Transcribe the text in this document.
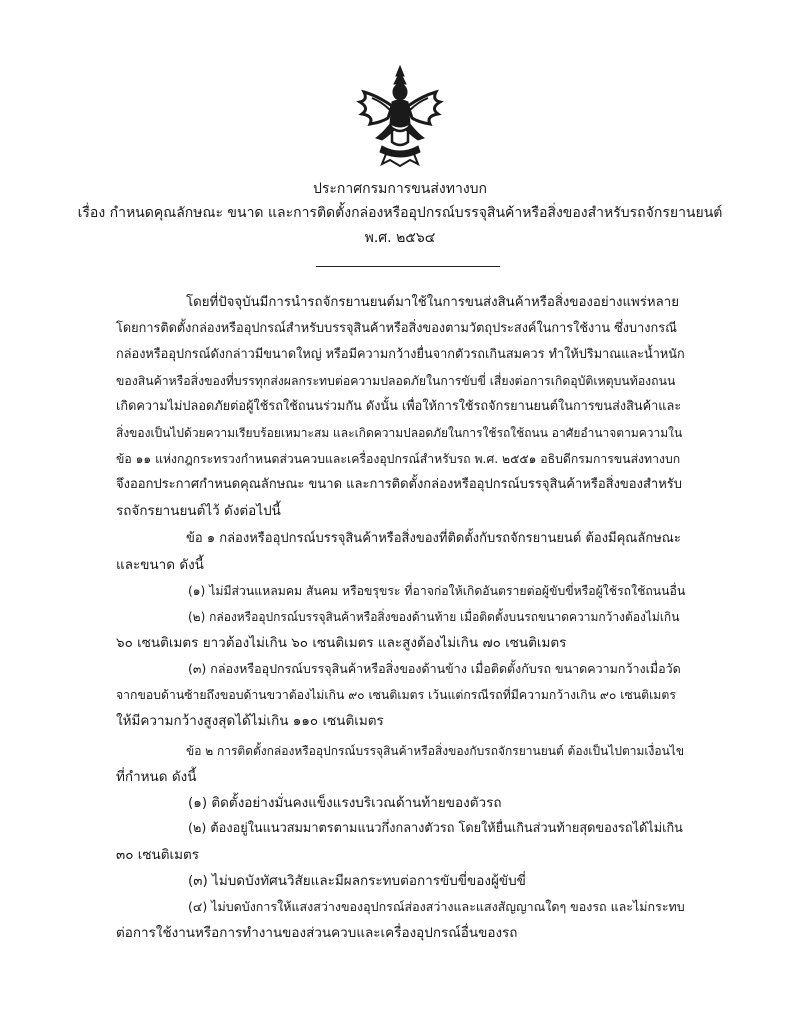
ประกาศกรมการขนส่งทางบก
เรื่อง กำหนดคุณลักษณะ ขนาด และการติดตั้งกล่องหรืออุปกรณ์บรรจุสินค้าหรือสิ่งของสำหรับรถจักรยานยนต์
พ.ศ. ๒๕๖๔
โดยที่ปัจจุบันมีการนำรถจักรยานยนต์มาใช้ในการขนส่งสินค้าหรือสิ่งของอย่างแพร่หลาย
โดยการติดตั้งกล่องหรืออุปกรณ์สำหรับบรรจุสินค้าหรือสิ่งของตามวัตถุประสงค์ในการใช้งาน ซึ่งบางกรณี
กล่องหรืออุปกรณ์ดังกล่าวมีขนาดใหญ่ หรือมีความกว้างยื่นจากตัวรถเกินสมควร ทำให้ปริมาณและน้ำหนัก
ของสินค้าหรือสิ่งของที่บรรทุกส่งผลกระทบต่อความปลอดภัยในการขับขี่ เสี่ยงต่อการเกิดอุบัติเหตุบนท้องถนน
เกิดความไม่ปลอดภัยต่อผู้ใช้รถใช้ถนนร่วมกัน ดังนั้น เพื่อให้การใช้รถจักรยานยนต์ในการขนส่งสินค้าและ
สิ่งของเป็นไปด้วยความเรียบร้อยเหมาะสม และเกิดความปลอดภัยในการใช้รถใช้ถนน อาศัยอำนาจตามความใน
ข้อ ๑๑ แห่งกฎกระทรวงกำหนดส่วนควบและเครื่องอุปกรณ์สำหรับรถ พ.ศ. ๒๕๕๑ อธิบดีกรมการขนส่งทางบก
จึงออกประกาศกำหนดคุณลักษณะ ขนาด และการติดตั้งกล่องหรืออุปกรณ์บรรจุสินค้าหรือสิ่งของสำหรับ
รถจักรยานยนต์ไว้ ดังต่อไปนี้
ข้อ ๑ กล่องหรืออุปกรณ์บรรจุสินค้าหรือสิ่งของที่ติดตั้งกับรถจักรยานยนต์ ต้องมีคุณลักษณะ
และขนาด ดังนี้
(๑) ไม่มีส่วนแหลมคม สันคม หรือขรุขระ ที่อาจก่อให้เกิดอันตรายต่อผู้ขับขี่หรือผู้ใช้รถใช้ถนนอื่น
(๒) กล่องหรืออุปกรณ์บรรจุสินค้าหรือสิ่งของด้านท้าย เมื่อติดตั้งบนรถขนาดความกว้างต้องไม่เกิน
๖๐ เซนติเมตร ยาวต้องไม่เกิน ๖๐ เซนติเมตร และสูงต้องไม่เกิน ๗๐ เซนติเมตร
(๓) กล่องหรืออุปกรณ์บรรจุสินค้าหรือสิ่งของด้านข้าง เมื่อติดตั้งกับรถ ขนาดความกว้างเมื่อวัด
จากขอบด้านซ้ายถึงขอบด้านขวาต้องไม่เกิน ๙๐ เซนติเมตร เว้นแต่กรณีรถที่มีความกว้างเกิน ๙๐ เซนติเมตร
ให้มีความกว้างสูงสุดได้ไม่เกิน ๑๑๐ เซนติเมตร
ข้อ ๒ การติดตั้งกล่องหรืออุปกรณ์บรรจุสินค้าหรือสิ่งของกับรถจักรยานยนต์ ต้องเป็นไปตามเงื่อนไข
ที่กำหนด ดังนี้
(๑) ติดตั้งอย่างมั่นคงแข็งแรงบริเวณด้านท้ายของตัวรถ
(๒) ต้องอยู่ในแนวสมมาตรตามแนวกึ่งกลางตัวรถ โดยให้ยื่นเกินส่วนท้ายสุดของรถได้ไม่เกิน
๓๐ เซนติเมตร
(๓) ไม่บดบังทัศนวิสัยและมีผลกระทบต่อการขับขี่ของผู้ขับขี่
(๔) ไม่บดบังการให้แสงสว่างของอุปกรณ์ส่องสว่างและแสงสัญญาณใดๆ ของรถ และไม่กระทบ
ต่อการใช้งานหรือการทำงานของส่วนควบและเครื่องอุปกรณ์อื่นของรถ
